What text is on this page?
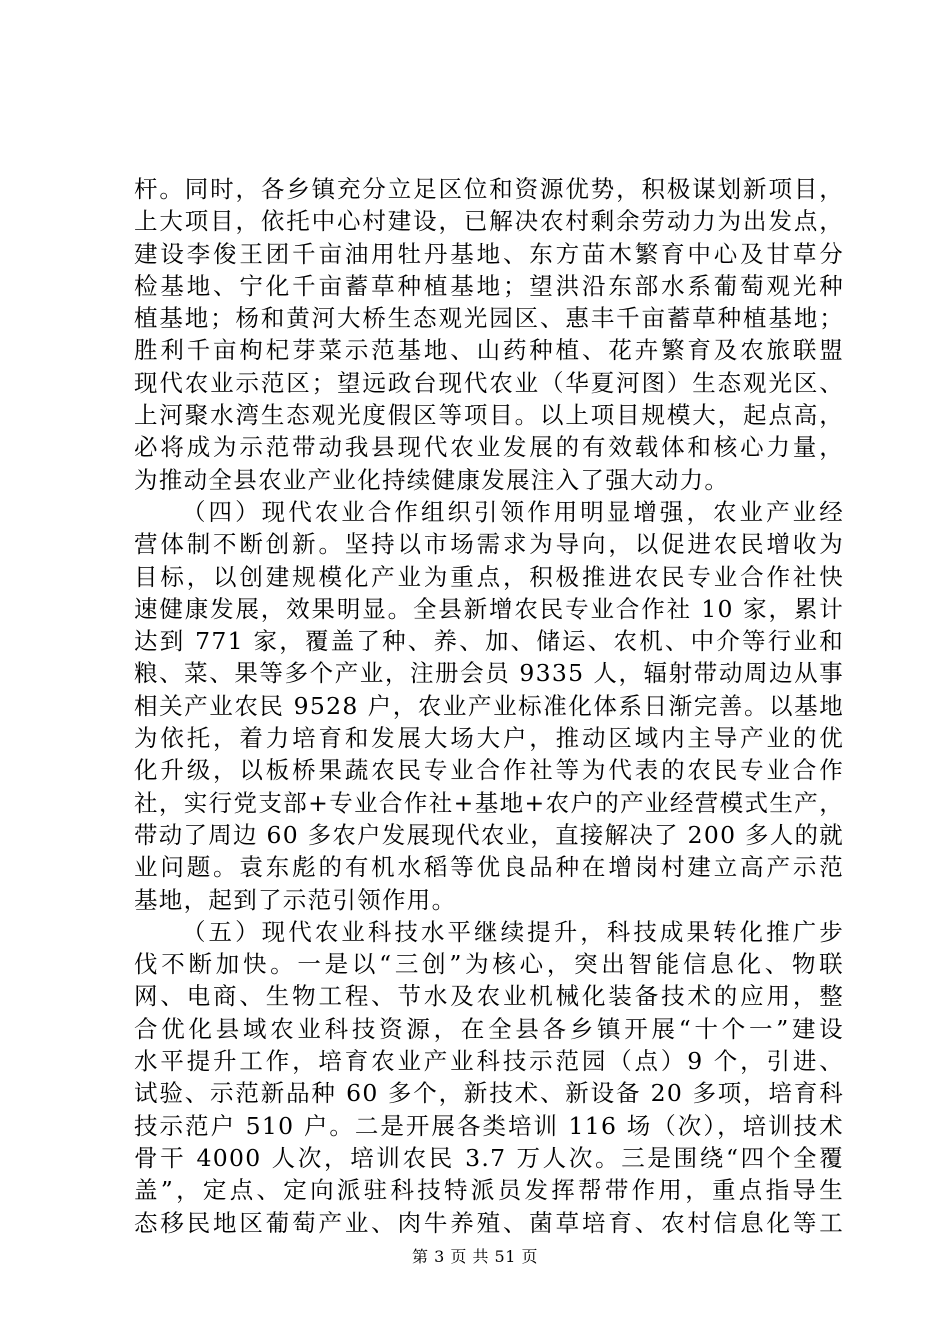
杆。同时，各乡镇充分立足区位和资源优势，积极谋划新项目，
上大项目，依托中心村建设，已解决农村剩余劳动力为出发点，
建设李俊王团千亩油用牡丹基地、东方苗木繁育中心及甘草分
检基地、宁化千亩蓄草种植基地；望洪沿东部水系葡萄观光种
植基地；杨和黄河大桥生态观光园区、惠丰千亩蓄草种植基地；
胜利千亩枸杞芽菜示范基地、山药种植、花卉繁育及农旅联盟
现代农业示范区；望远政台现代农业（华夏河图）生态观光区、
上河聚水湾生态观光度假区等项目。以上项目规模大，起点高，
必将成为示范带动我县现代农业发展的有效载体和核心力量，
为推动全县农业产业化持续健康发展注入了强大动力。

（四）现代农业合作组织引领作用明显增强，农业产业经
营体制不断创新。坚持以市场需求为导向，以促进农民增收为
目标，以创建规模化产业为重点，积极推进农民专业合作社快
速健康发展，效果明显。全县新增农民专业合作社 10 家，累计
达到 771 家，覆盖了种、养、加、储运、农机、中介等行业和
粮、菜、果等多个产业，注册会员 9335 人，辐射带动周边从事
相关产业农民 9528 户，农业产业标准化体系日渐完善。以基地
为依托，着力培育和发展大场大户，推动区域内主导产业的优
化升级，以板桥果蔬农民专业合作社等为代表的农民专业合作
社，实行党支部+专业合作社+基地+农户的产业经营模式生产，
带动了周边 60 多农户发展现代农业，直接解决了 200 多人的就
业问题。袁东彪的有机水稻等优良品种在增岗村建立高产示范
基地，起到了示范引领作用。

（五）现代农业科技水平继续提升，科技成果转化推广步
伐不断加快。一是以“三创”为核心，突出智能信息化、物联
网、电商、生物工程、节水及农业机械化装备技术的应用，整
合优化县域农业科技资源，在全县各乡镇开展“十个一”建设
水平提升工作，培育农业产业科技示范园（点）9 个，引进、
试验、示范新品种 60 多个，新技术、新设备 20 多项，培育科
技示范户 510 户。二是开展各类培训 116 场（次），培训技术
骨干 4000 人次，培训农民 3.7 万人次。三是围绕“四个全覆
盖”，定点、定向派驻科技特派员发挥帮带作用，重点指导生
态移民地区葡萄产业、肉牛养殖、菌草培育、农村信息化等工

第 3 页 共 51 页
